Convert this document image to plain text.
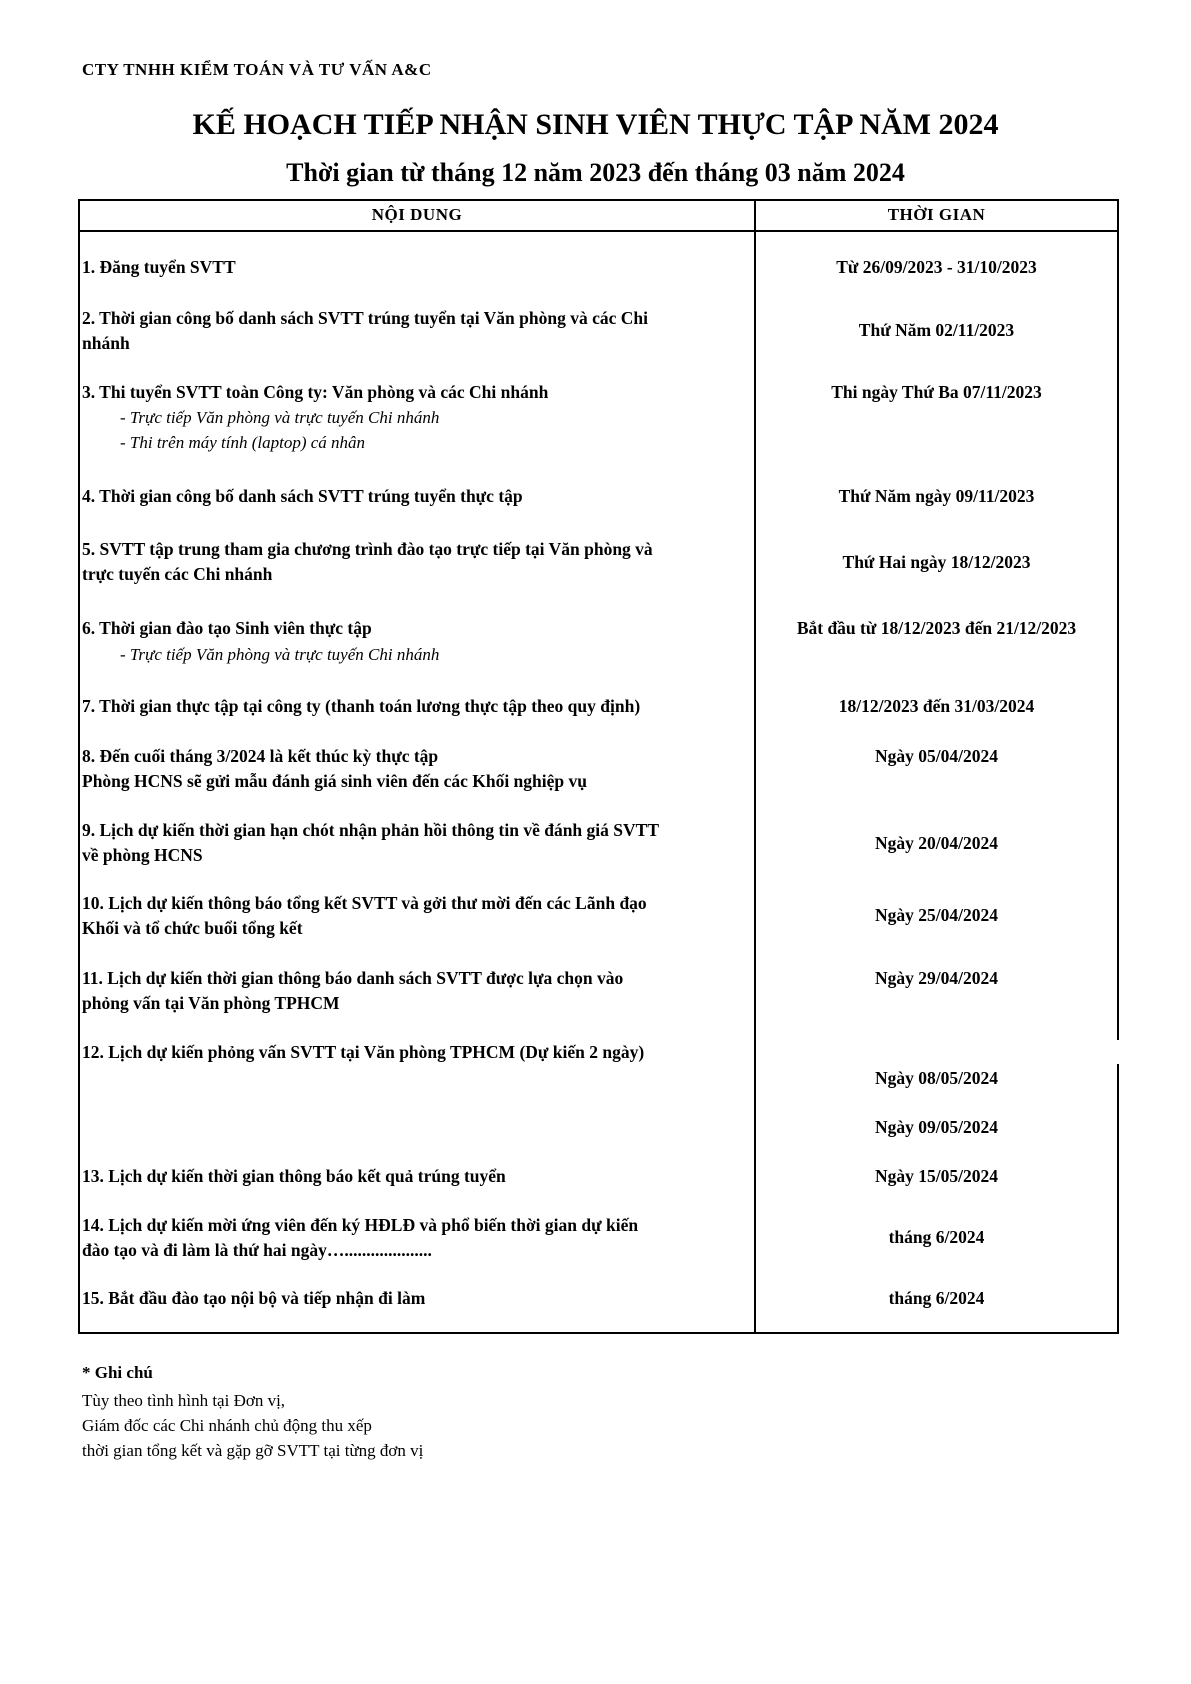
CTY TNHH KIỂM TOÁN VÀ TƯ VẤN A&C
KẾ HOẠCH TIẾP NHẬN SINH VIÊN THỰC TẬP NĂM 2024
Thời gian từ tháng 12 năm 2023 đến tháng 03 năm 2024
NỘI DUNG	THỜI GIAN
1. Đăng tuyển SVTT	Từ 26/09/2023 - 31/10/2023
2. Thời gian công bố danh sách SVTT trúng tuyển tại Văn phòng và các Chi
nhánh
Thứ Năm 02/11/2023
3. Thi tuyển SVTT toàn Công ty: Văn phòng và các Chi nhánh
- Trực tiếp Văn phòng và trực tuyến Chi nhánh
- Thi trên máy tính (laptop) cá nhân
Thi ngày Thứ Ba 07/11/2023
4. Thời gian công bố danh sách SVTT trúng tuyển thực tập	Thứ Năm ngày 09/11/2023
5. SVTT tập trung tham gia chương trình đào tạo trực tiếp tại Văn phòng và
trực tuyến các Chi nhánh
Thứ Hai ngày 18/12/2023
6. Thời gian đào tạo Sinh viên thực tập
- Trực tiếp Văn phòng và trực tuyến Chi nhánh
Bắt đầu từ 18/12/2023 đến 21/12/2023
7. Thời gian thực tập tại công ty (thanh toán lương thực tập theo quy định)	18/12/2023 đến 31/03/2024
8. Đến cuối tháng 3/2024 là kết thúc kỳ thực tập
Phòng HCNS sẽ gửi mẫu đánh giá sinh viên đến các Khối nghiệp vụ
Ngày 05/04/2024
9. Lịch dự kiến thời gian hạn chót nhận phản hồi thông tin về đánh giá SVTT
về phòng HCNS
Ngày 20/04/2024
10. Lịch dự kiến thông báo tổng kết SVTT và gởi thư mời đến các Lãnh đạo
Khối và tổ chức buổi tổng kết
Ngày 25/04/2024
11. Lịch dự kiến thời gian thông báo danh sách SVTT được lựa chọn vào
phỏng vấn tại Văn phòng TPHCM
Ngày 29/04/2024
12. Lịch dự kiến phỏng vấn SVTT tại Văn phòng TPHCM (Dự kiến 2 ngày)
Ngày 08/05/2024
Ngày 09/05/2024
13. Lịch dự kiến thời gian thông báo kết quả trúng tuyển	Ngày 15/05/2024
14. Lịch dự kiến mời ứng viên đến ký HĐLĐ và phổ biến thời gian dự kiến
đào tạo và đi làm là thứ hai ngày…....................
tháng 6/2024
15. Bắt đầu đào tạo nội bộ và tiếp nhận đi làm	tháng 6/2024
* Ghi chú
Tùy theo tình hình tại Đơn vị,
Giám đốc các Chi nhánh chủ động thu xếp
thời gian tổng kết và gặp gỡ SVTT tại từng đơn vị
